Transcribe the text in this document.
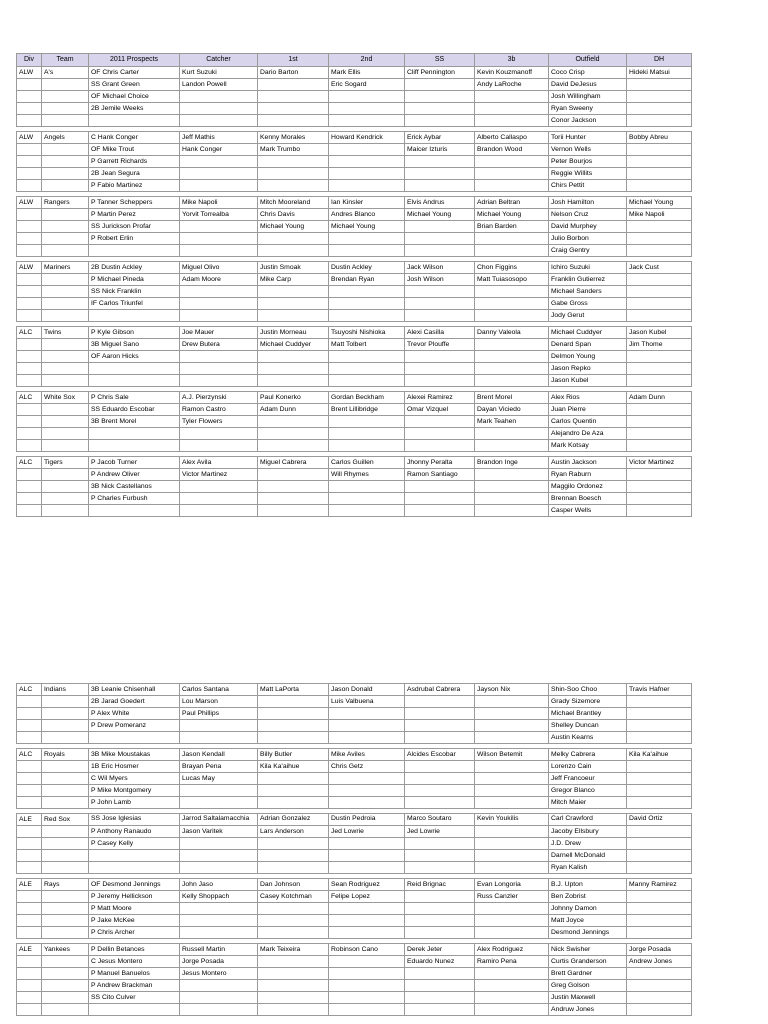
Div	Team	2011 Prospects	Catcher	1st	2nd	SS	3b	Outfield	DH
ALW	A's	OF Chris Carter	Kurt Suzuki	Dario Barton	Mark Ellis	Cliff Pennington	Kevin Kouzmanoff	Coco Crisp	Hideki Matsui
		SS Grant Green	Landon Powell		Eric Sogard		Andy LaRoche	David DeJesus	
		OF Michael Choice						Josh Willingham	
		2B Jemile Weeks						Ryan Sweeny	
								Conor Jackson	

ALW	Angels	C Hank Conger	Jeff Mathis	Kenny Morales	Howard Kendrick	Erick Aybar	Alberto Callaspo	Torii Hunter	Bobby Abreu
		OF Mike Trout	Hank Conger	Mark Trumbo		Maicer Izturis	Brandon Wood	Vernon Wells	
		P Garrett Richards						Peter Bourjos	
		2B Jean Segura						Reggie Willits	
		P Fabio Martinez						Chirs Pettit	

ALW	Rangers	P Tanner Scheppers	Mike Napoli	Mitch Mooreland	Ian Kinsler	Elvis Andrus	Adrian Beltran	Josh Hamilton	Michael Young
		P Martin Perez	Yorvit Torrealba	Chris Davis	Andres Blanco	Michael Young	Michael Young	Nelson Cruz	Mike Napoli
		SS Jurickson Profar		Michael Young	Michael Young		Brian Barden	David Murphey	
		P Robert Erlin						Julio Borbon	
								Craig Gentry	

ALW	Mariners	2B Dustin Ackley	Miguel Olivo	Justin Smoak	Dustin Ackley	Jack Wilson	Chon Figgins	Ichiro Suzuki	Jack Cust
		P Michael Pineda	Adam Moore	Mike Carp	Brendan Ryan	Josh Wilson	Matt Tuiasosopo	Franklin Gutierrez	
		SS Nick Franklin						Michael Sanders	
		IF Carlos Triunfel						Gabe Gross	
								Jody Gerut	

ALC	Twins	P Kyle Gibson	Joe Mauer	Justin Morneau	Tsuyoshi Nishioka	Alexi Casilla	Danny Valeola	Michael Cuddyer	Jason Kubel
		3B Miguel Sano	Drew Butera	Michael Cuddyer	Matt Tolbert	Trevor Plouffe		Denard Span	Jim Thome
		OF Aaron Hicks						Delmon Young	
								Jason Repko	
								Jason Kubel	

ALC	White Sox	P Chris Sale	A.J. Pierzynski	Paul Konerko	Gordan Beckham	Alexei Ramirez	Brent Morel	Alex Rios	Adam Dunn
		SS Eduardo Escobar	Ramon Castro	Adam Dunn	Brent Lillibridge	Omar Vizquel	Dayan Viciedo	Juan Pierre	
		3B Brent Morel	Tyler Flowers				Mark Teahen	Carlos Quentin	
								Alejandro De Aza	
								Mark Kotsay	

ALC	Tigers	P Jacob Turner	Alex Avila	Miguel Cabrera	Carlos Guillen	Jhonny Peralta	Brandon Inge	Austin Jackson	Victor Martinez
		P Andrew Oliver	Victor Martinez		Will Rhymes	Ramon Santiago		Ryan Raburn	
		3B Nick Castellanos						Maggilo Ordonez	
		P Charles Furbush						Brennan Boesch	
								Casper Wells	
ALC	Indians	3B Leanie Chisenhall	Carlos Santana	Matt LaPorta	Jason Donald	Asdrubal Cabrera	Jayson Nix	Shin-Soo Choo	Travis Hafner
		2B Jarad Goedert	Lou Marson		Luis Valbuena			Grady Sizemore	
		P Alex White	Paul Phillips					Michael Brantley	
		P Drew Pomeranz						Shelley Duncan	
								Austin Kearns	

ALC	Royals	3B Mike Moustakas	Jason Kendall	Billy Butler	Mike Aviles	Alcides Escobar	Wilson Betemit	Melky Cabrera	Kila Ka'aihue
		1B Eric Hosmer	Brayan Pena	Kila Ka'aihue	Chris Getz			Lorenzo Cain	
		C Wil Myers	Lucas May					Jeff Francoeur	
		P Mike Montgomery						Gregor Blanco	
		P John Lamb						Mitch Maier	

ALE	Red Sox	SS Jose Iglesias	Jarrod Saltalamacchia	Adrian Gonzalez	Dustin Pedroia	Marco Soutaro	Kevin Youkilis	Carl Crawford	David Ortiz
		P Anthony Ranaudo	Jason Varitek	Lars Anderson	Jed Lowrie	Jed Lowrie		Jacoby Ellsbury	
		P Casey Kelly						J.D. Drew	
								Darnell McDonald	
								Ryan Kalish	

ALE	Rays	OF Desmond Jennings	John Jaso	Dan Johnson	Sean Rodriguez	Reid Brignac	Evan Longoria	B.J. Upton	Manny Ramirez
		P Jeremy Hellickson	Kelly Shoppach	Casey Kotchman	Felipe Lopez		Russ Canzler	Ben Zobrist	
		P Matt Moore						Johnny Damon	
		P Jake McKee						Matt Joyce	
		P Chris Archer						Desmond Jennings	

ALE	Yankees	P Dellin Betances	Russell Martin	Mark Teixeira	Robinson Cano	Derek Jeter	Alex Rodriguez	Nick Swisher	Jorge Posada
		C Jesus Montero	Jorge Posada			Eduardo Nunez	Ramiro Pena	Curtis Granderson	Andrew Jones
		P Manuel Banuelos	Jesus Montero					Brett Gardner	
		P Andrew Brackman						Greg Golson	
		SS Cito Culver						Justin Maxwell	
								Andruw Jones	
